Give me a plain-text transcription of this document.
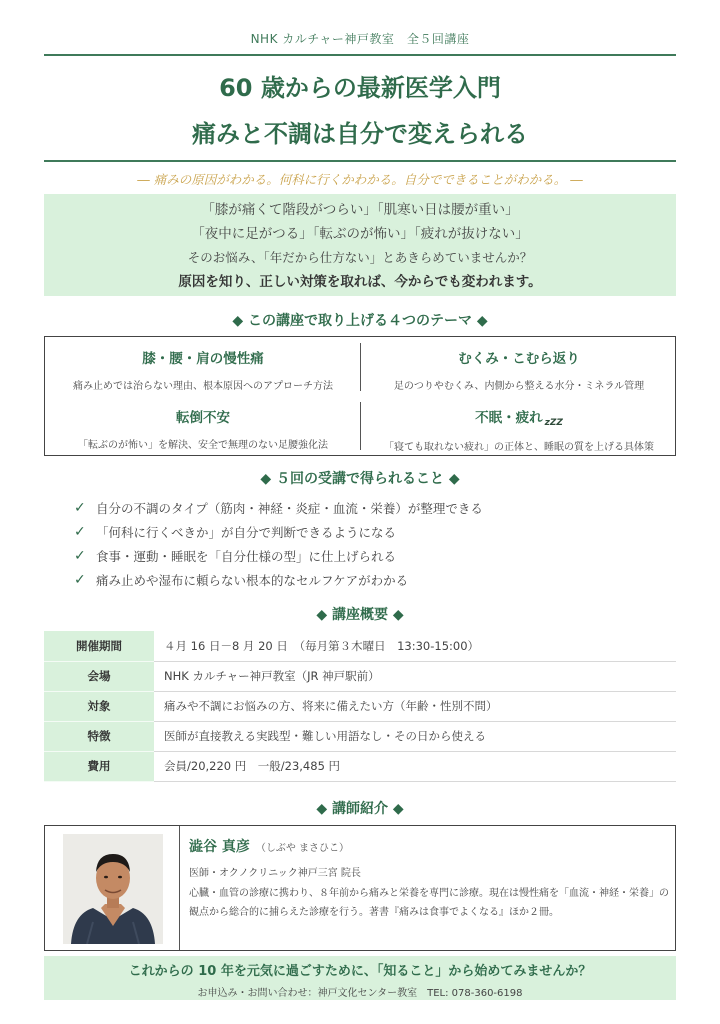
NHK カルチャー神戸教室　全５回講座
60 歳からの最新医学入門
痛みと不調は自分で変えられる
― 痛みの原因がわかる。何科に行くかわかる。自分でできることがわかる。 ―
「膝が痛くて階段がつらい」「肌寒い日は腰が重い」
「夜中に足がつる」「転ぶのが怖い」「疲れが抜けない」
そのお悩み、「年だから仕方ない」とあきらめていませんか？
原因を知り、正しい対策を取れば、今からでも変われます。
◆ この講座で取り上げる４つのテーマ ◆
膝・腰・肩の慢性痛
痛み止めでは治らない理由、根本原因へのアプローチ方法
むくみ・こむら返り
足のつりやむくみ、内側から整える水分・ミネラル管理
転倒不安
「転ぶのが怖い」を解決、安全で無理のない足腰強化法
不眠・疲れ $_{zZZ}$
「寝ても取れない疲れ」の正体と、睡眠の質を上げる具体策
◆ ５回の受講で得られること ◆
✓ 自分の不調のタイプ（筋肉・神経・炎症・血流・栄養）が整理できる
✓ 「何科に行くべきか」が自分で判断できるようになる
✓ 食事・運動・睡眠を「自分仕様の型」に仕上げられる
✓ 痛み止めや湿布に頼らない根本的なセルフケアがわかる
◆ 講座概要 ◆
開催期間	４月 16 日－8 月 20 日　（毎月第３木曜日　13:30-15:00）
会場	NHK カルチャー神戸教室（JR 神戸駅前）
対象	痛みや不調にお悩みの方、将来に備えたい方（年齢・性別不問）
特徴	医師が直接教える実践型・難しい用語なし・その日から使える
費用	会員/20,220 円　一般/23,485 円
◆ 講師紹介 ◆
澁谷 真彦 （しぶや まさひこ）
医師・オクノクリニック神戸三宮 院長
心臓・血管の診療に携わり、８年前から痛みと栄養を専門に診療。現在は慢性痛を「血流・神経・栄養」の観点から総合的に捕らえた診療を行う。著書『痛みは食事でよくなる』ほか２冊。
これからの 10 年を元気に過ごすために、「知ること」から始めてみませんか？
お申込み・お問い合わせ：神戸文化センター教室　TEL: 078-360-6198
